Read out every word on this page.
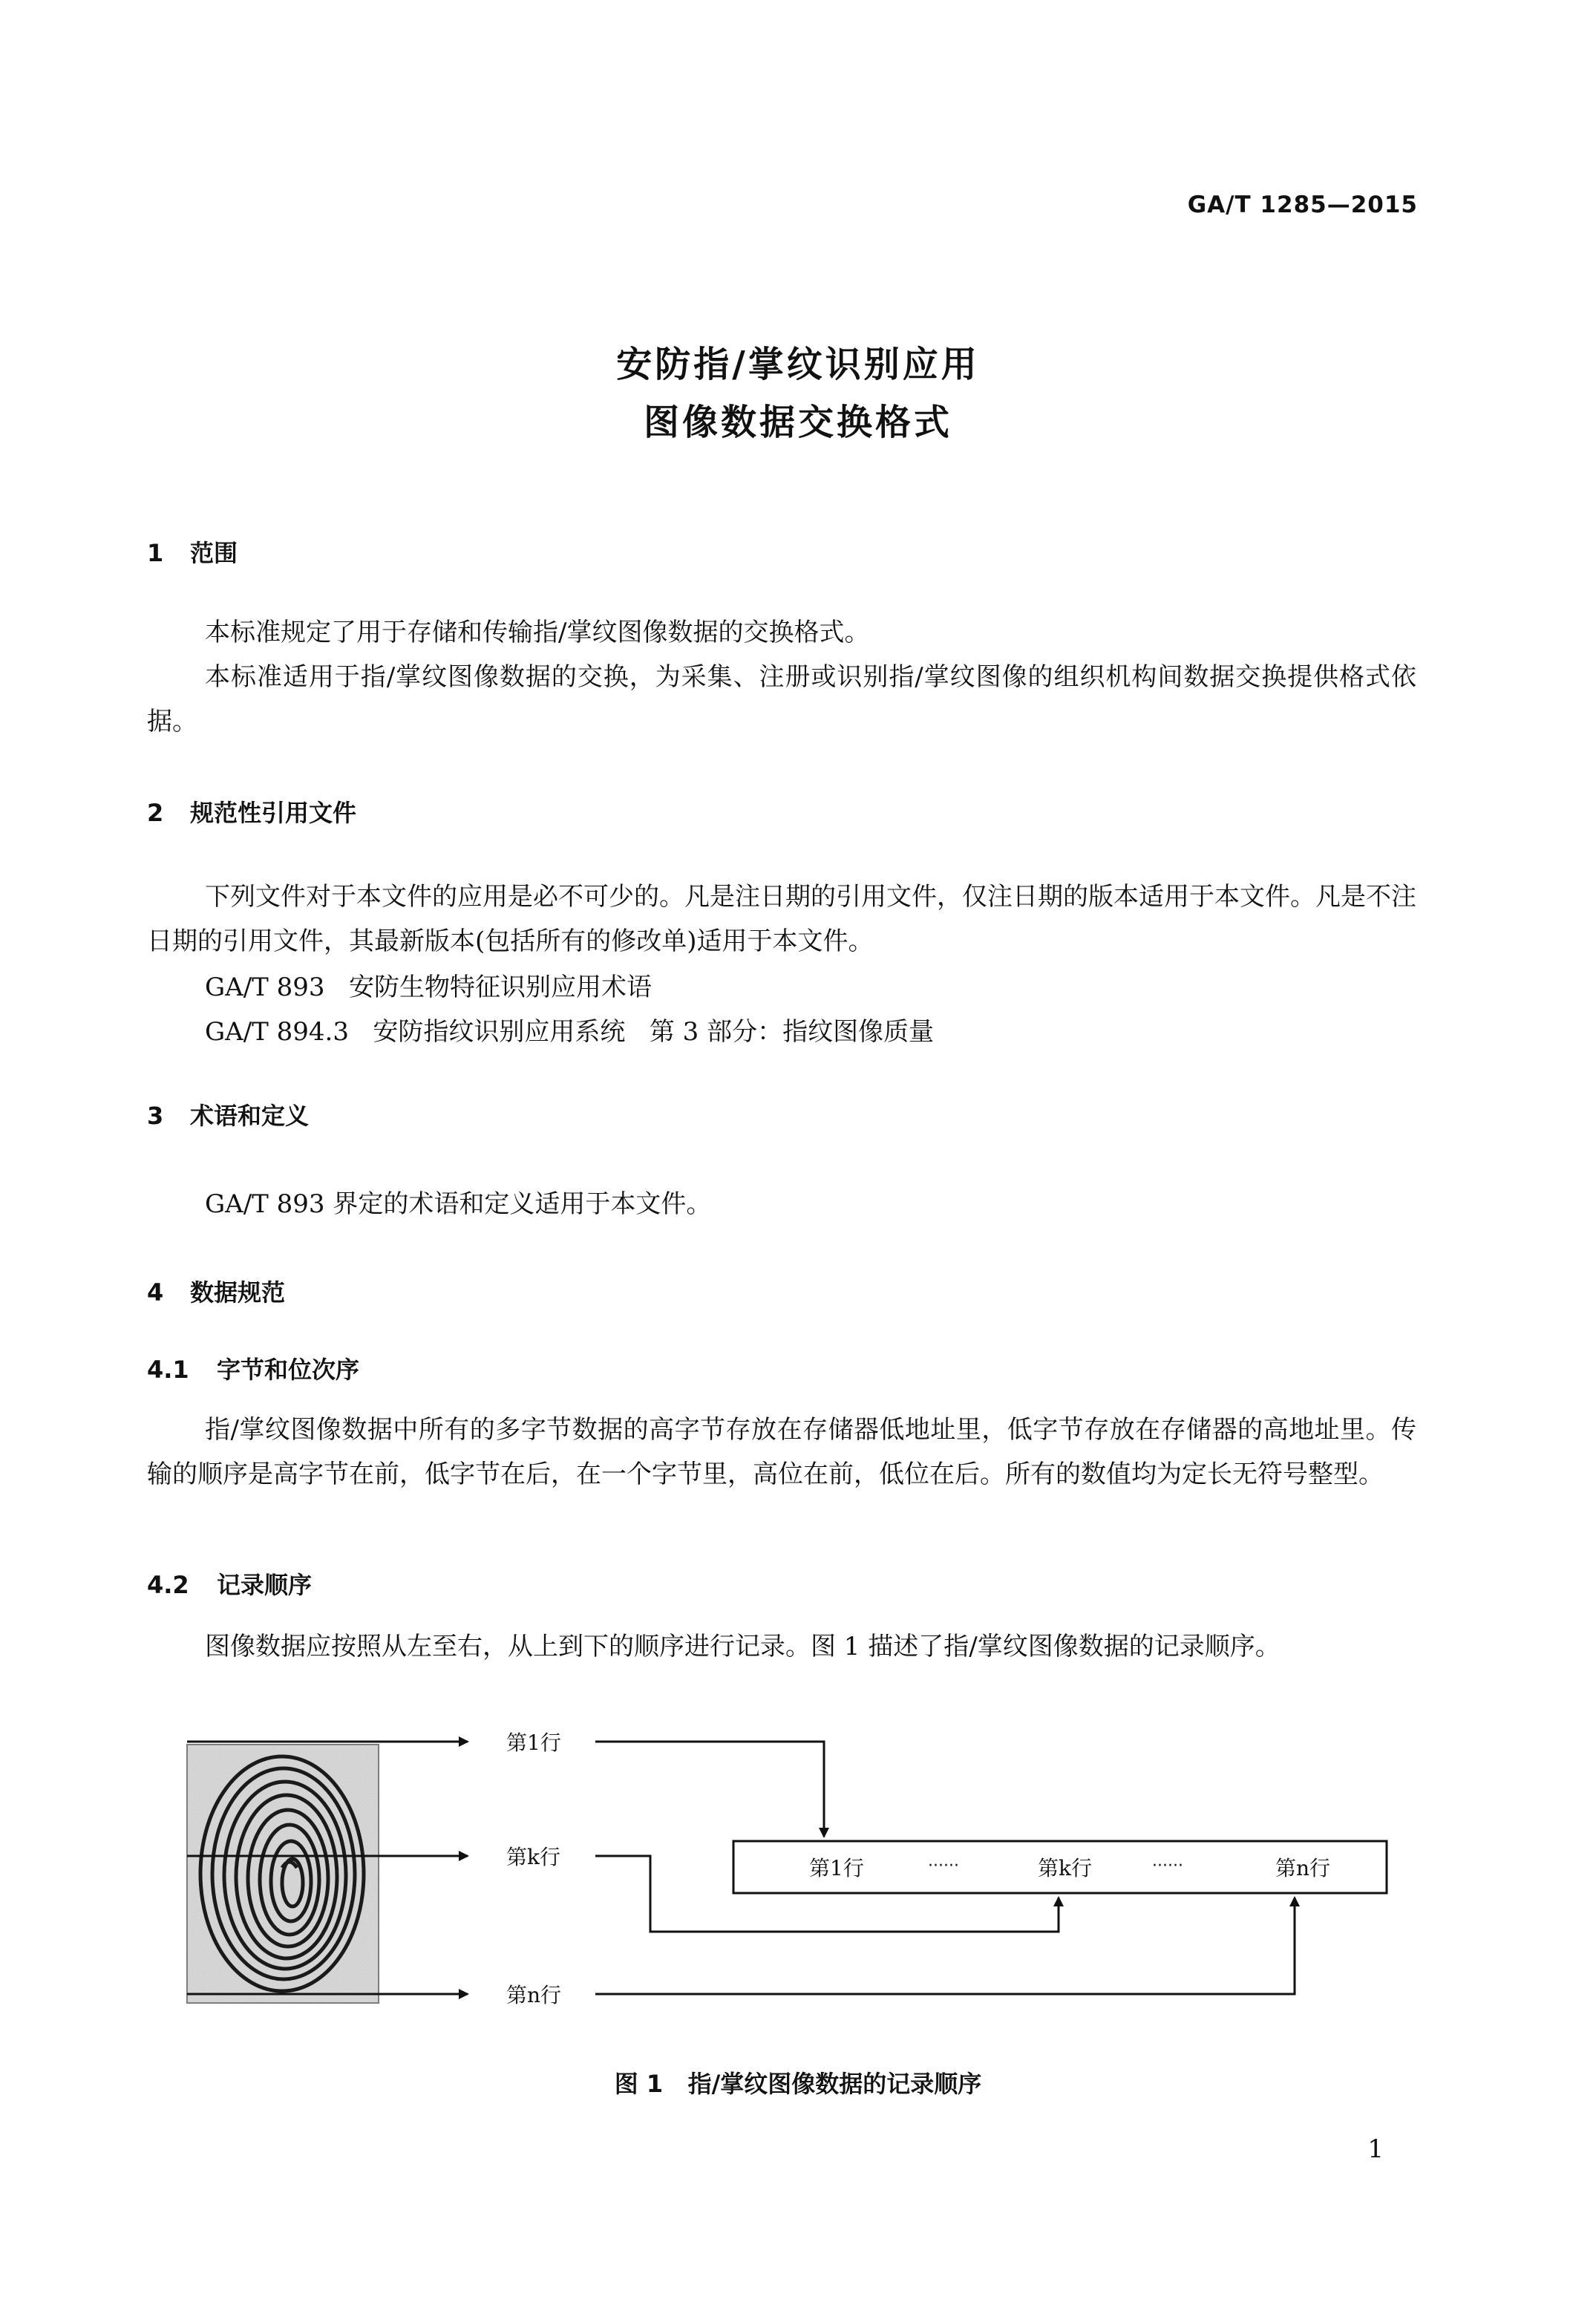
GA/T 1285—2015
安防指/掌纹识别应用
图像数据交换格式
1 范围

本标准规定了用于存储和传输指/掌纹图像数据的交换格式。

本标准适用于指/掌纹图像数据的交换，为采集、注册或识别指/掌纹图像的组织机构间数据交换提供格式依据。

2 规范性引用文件

下列文件对于本文件的应用是必不可少的。凡是注日期的引用文件，仅注日期的版本适用于本文件。凡是不注日期的引用文件，其最新版本(包括所有的修改单)适用于本文件。

GA/T 893   安防生物特征识别应用术语
GA/T 894.3   安防指纹识别应用系统   第 3 部分：指纹图像质量
3 术语和定义
GA/T 893 界定的术语和定义适用于本文件。
4 数据规范
4.1 字节和位次序

指/掌纹图像数据中所有的多字节数据的高字节存放在存储器低地址里，低字节存放在存储器的高地址里。传输的顺序是高字节在前，低字节在后，在一个字节里，高位在前，低位在后。所有的数值均为定长无符号整型。

4.2 记录顺序

图像数据应按照从左至右，从上到下的顺序进行记录。图 1 描述了指/掌纹图像数据的记录顺序。

第1行
第k行
第n行
第1行	······	第k行	······	第n行
图 1   指/掌纹图像数据的记录顺序
1
